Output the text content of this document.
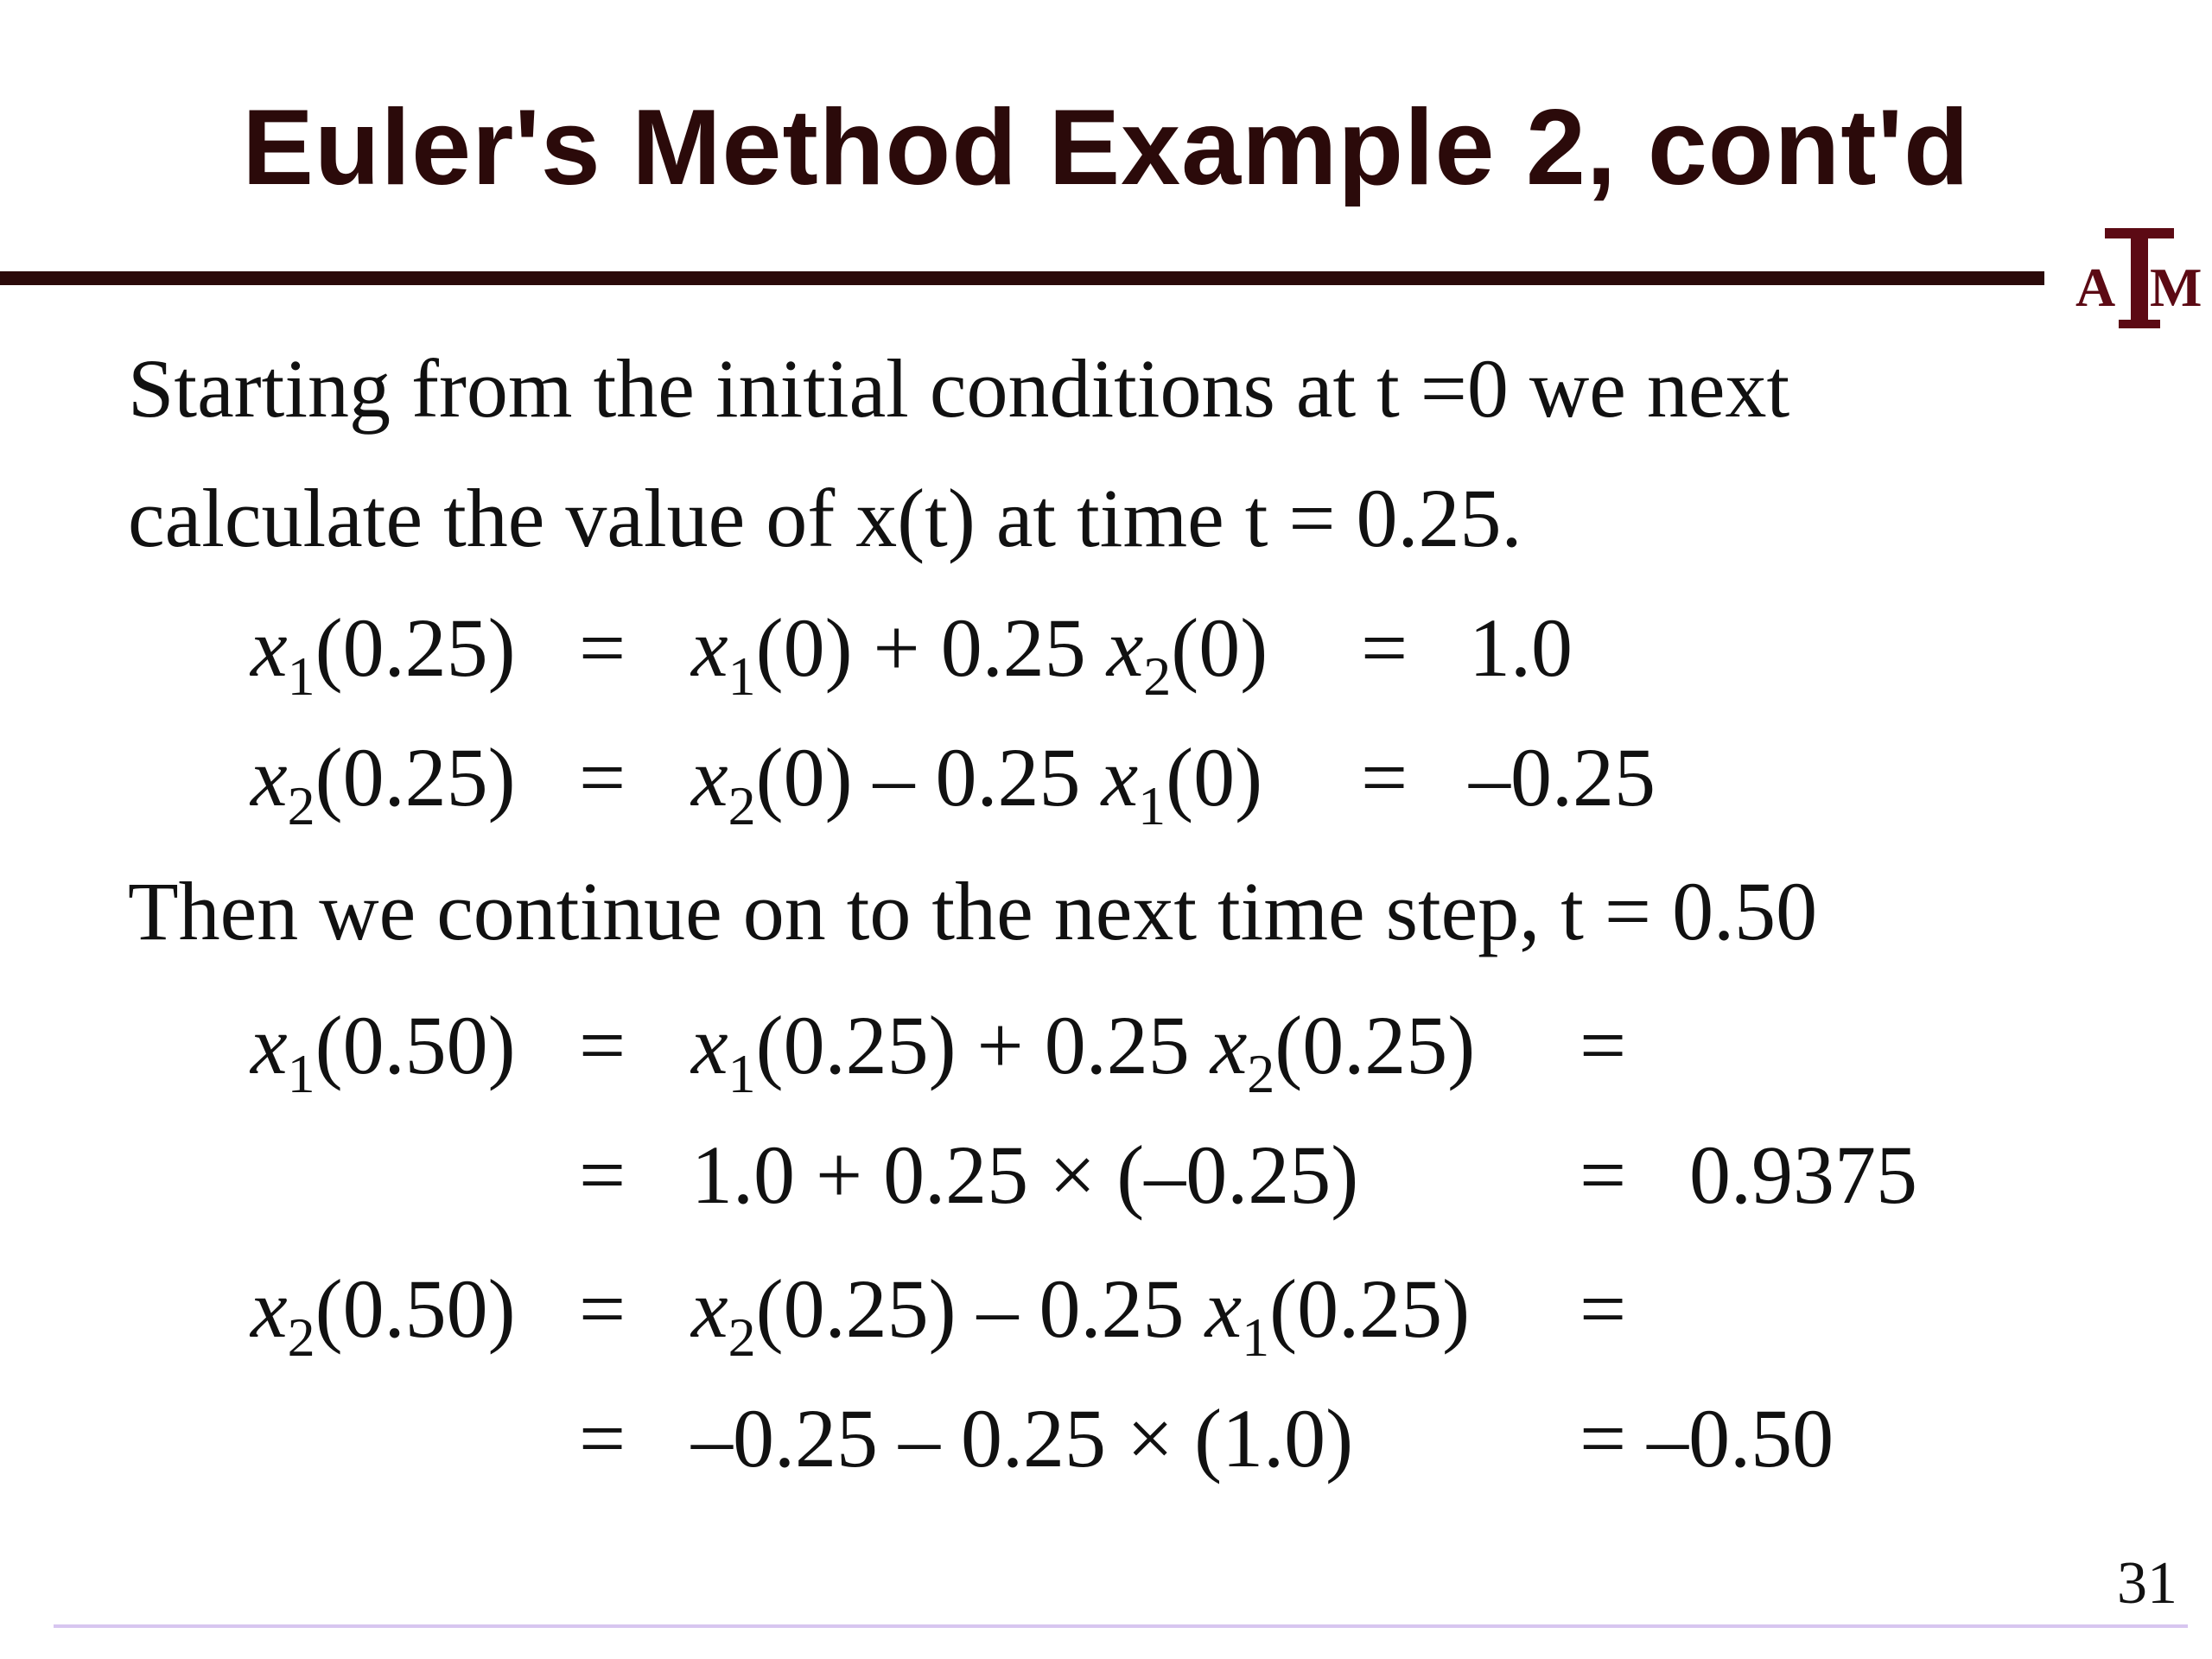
Euler's Method Example 2, cont'd
A M
Starting from the initial conditions at t =0 we next
calculate the value of x(t) at time t = 0.25.
$x_1(0.25) = x_1(0) + 0.25$ $x_2(0) = 1.0$
$x_2(0.25) = x_2(0) - 0.25$ $x_1(0) = -0.25$
Then we continue on to the next time step, t = 0.50
$x_1(0.50) = x_1(0.25) + 0.25$ $x_2(0.25)$ =
= 1.0 + 0.25 × (–0.25)	= 0.9375
$x_2(0.50) = x_2(0.25) - 0.25$ $x_1(0.25)$ =
= –0.25 – 0.25 × (1.0)	= –0.50
31
